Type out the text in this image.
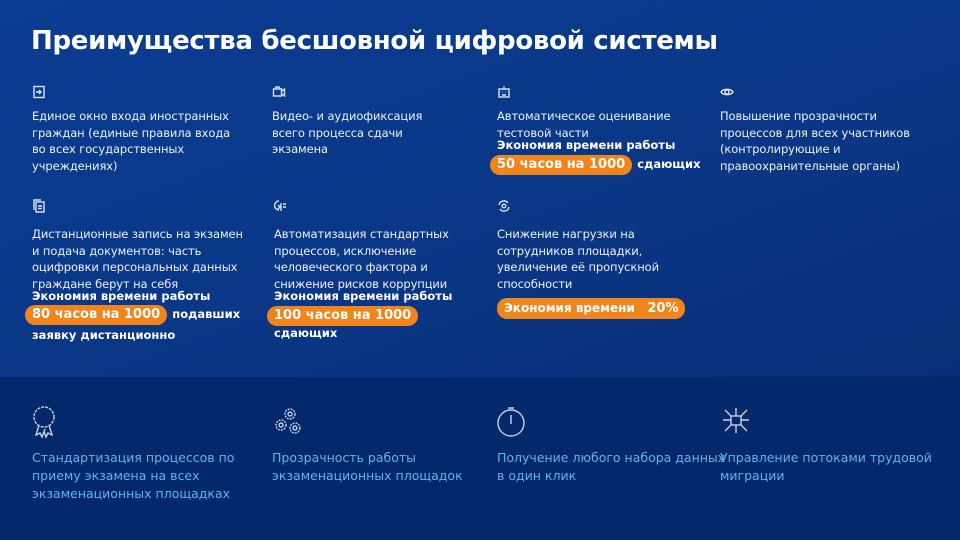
Преимущества бесшовной цифровой системы
Единое окно входа иностранных граждан (единые правила входа во всех государственных учреждениях)
Видео- и аудиофиксация всего процесса сдачи экзамена
Автоматическое оценивание тестовой части
Экономия времени работы
50 часов на 1000 сдающих
Повышение прозрачности процессов для всех участников (контролирующие и правоохранительные органы)
Дистанционные запись на экзамен и подача документов: часть оцифровки персональных данных граждане берут на себя
Экономия времени работы
80 часов на 1000 подавших заявку дистанционно
Автоматизация стандартных процессов, исключение человеческого фактора и снижение рисков коррупции
Экономия времени работы
100 часов на 1000
сдающих
Снижение нагрузки на сотрудников площадки, увеличение её пропускной способности
Экономия времени 20%
Стандартизация процессов по приему экзамена на всех экзаменационных площадках
Прозрачность работы экзаменационных площадок
Получение любого набора данных в один клик
Управление потоками трудовой миграции
